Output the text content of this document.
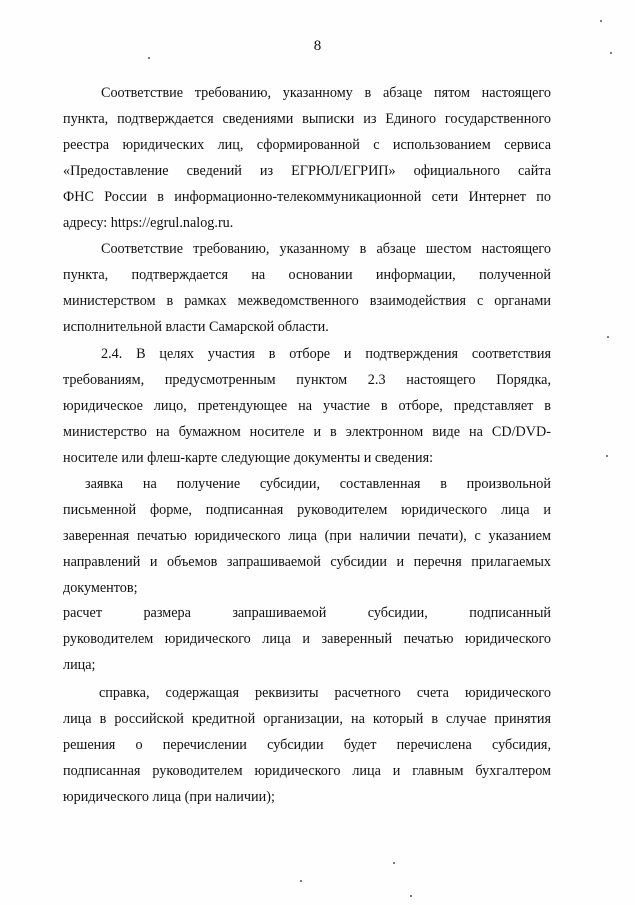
8
Соответствие требованию, указанному в абзаце пятом настоящего
пункта, подтверждается сведениями выписки из Единого государственного
реестра юридических лиц, сформированной с использованием сервиса
«Предоставление сведений из ЕГРЮЛ/ЕГРИП» официального сайта
ФНС России в информационно-телекоммуникационной сети Интернет по
адресу: https://egrul.nalog.ru.
Соответствие требованию, указанному в абзаце шестом настоящего
пункта, подтверждается на основании информации, полученной
министерством в рамках межведомственного взаимодействия с органами
исполнительной власти Самарской области.
2.4. В целях участия в отборе и подтверждения соответствия
требованиям, предусмотренным пунктом 2.3 настоящего Порядка,
юридическое лицо, претендующее на участие в отборе, представляет в
министерство на бумажном носителе и в электронном виде на CD/DVD-
носителе или флеш-карте следующие документы и сведения:
заявка на получение субсидии, составленная в произвольной
письменной форме, подписанная руководителем юридического лица и
заверенная печатью юридического лица (при наличии печати), с указанием
направлений и объемов запрашиваемой субсидии и перечня прилагаемых
документов;
расчет размера запрашиваемой субсидии, подписанный
руководителем юридического лица и заверенный печатью юридического
лица;
справка, содержащая реквизиты расчетного счета юридического
лица в российской кредитной организации, на который в случае принятия
решения о перечислении субсидии будет перечислена субсидия,
подписанная руководителем юридического лица и главным бухгалтером
юридического лица (при наличии);
